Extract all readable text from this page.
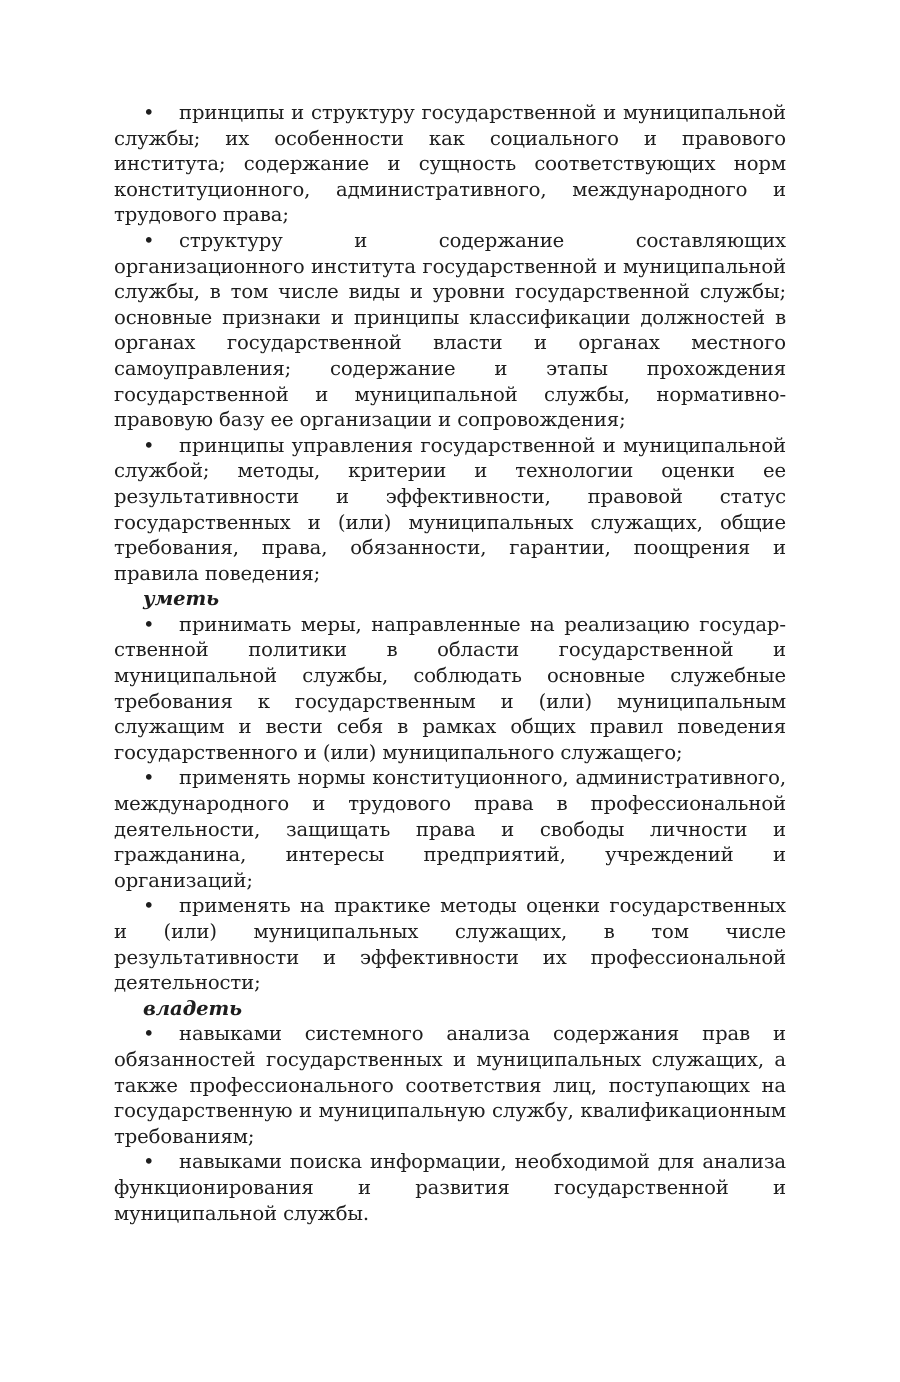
• принципы и структуру государственной и муниципальной службы; их особенности как социального и правового института; содержание и сущность соответствующих норм конституционного, административного, международного и трудового права;

• структуру и содержание составляющих организационного института государственной и муниципальной службы, в том числе виды и уровни государственной службы; основные признаки и принципы классификации должностей в органах государственной власти и органах местного самоуправления; содержание и этапы прохождения государственной и муниципальной службы, нормативно-правовую базу ее организации и сопровождения;

• принципы управления государственной и муниципальной службой; методы, критерии и технологии оценки ее результативности и эффективности, правовой статус государственных и (или) муниципальных служащих, общие требования, права, обязанности, гарантии, поощрения и правила поведения;

уметь

• принимать меры, направленные на реализацию государственной политики в области государственной и муниципальной службы, соблюдать основные служебные требования к государственным и (или) муниципальным служащим и вести себя в рамках общих правил поведения государственного и (или) муниципального служащего;

• применять нормы конституционного, административного, международного и трудового права в профессиональной деятельности, защищать права и свободы личности и гражданина, интересы предприятий, учреждений и организаций;

• применять на практике методы оценки государственных и (или) муниципальных служащих, в том числе результативности и эффективности их профессиональной деятельности;

владеть

• навыками системного анализа содержания прав и обязанностей государственных и муниципальных служащих, а также профессионального соответствия лиц, поступающих на государственную и муниципальную службу, квалификационным требованиям;

• навыками поиска информации, необходимой для анализа функционирования и развития государственной и муниципальной службы.
